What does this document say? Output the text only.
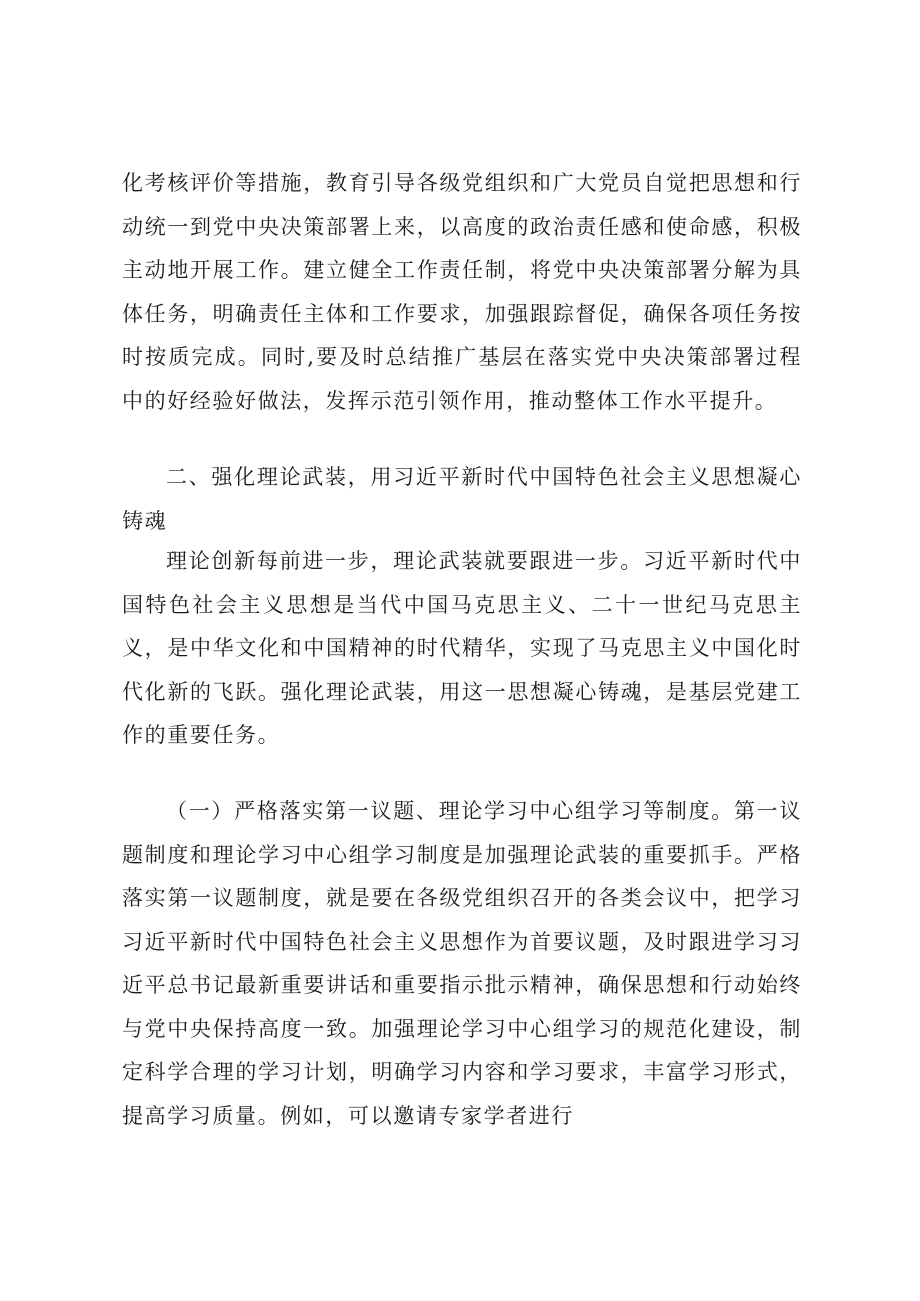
化考核评价等措施，教育引导各级党组织和广大党员自觉把思想和行动统一到党中央决策部署上来，以高度的政治责任感和使命感，积极主动地开展工作。建立健全工作责任制，将党中央决策部署分解为具体任务，明确责任主体和工作要求，加强跟踪督促，确保各项任务按时按质完成。同时,要及时总结推广基层在落实党中央决策部署过程中的好经验好做法，发挥示范引领作用，推动整体工作水平提升。

二、强化理论武装，用习近平新时代中国特色社会主义思想凝心铸魂

理论创新每前进一步，理论武装就要跟进一步。习近平新时代中国特色社会主义思想是当代中国马克思主义、二十一世纪马克思主义，是中华文化和中国精神的时代精华，实现了马克思主义中国化时代化新的飞跃。强化理论武装，用这一思想凝心铸魂，是基层党建工作的重要任务。

（一）严格落实第一议题、理论学习中心组学习等制度。第一议题制度和理论学习中心组学习制度是加强理论武装的重要抓手。严格落实第一议题制度，就是要在各级党组织召开的各类会议中，把学习习近平新时代中国特色社会主义思想作为首要议题，及时跟进学习习近平总书记最新重要讲话和重要指示批示精神，确保思想和行动始终与党中央保持高度一致。加强理论学习中心组学习的规范化建设，制定科学合理的学习计划，明确学习内容和学习要求，丰富学习形式，提高学习质量。例如，可以邀请专家学者进行
